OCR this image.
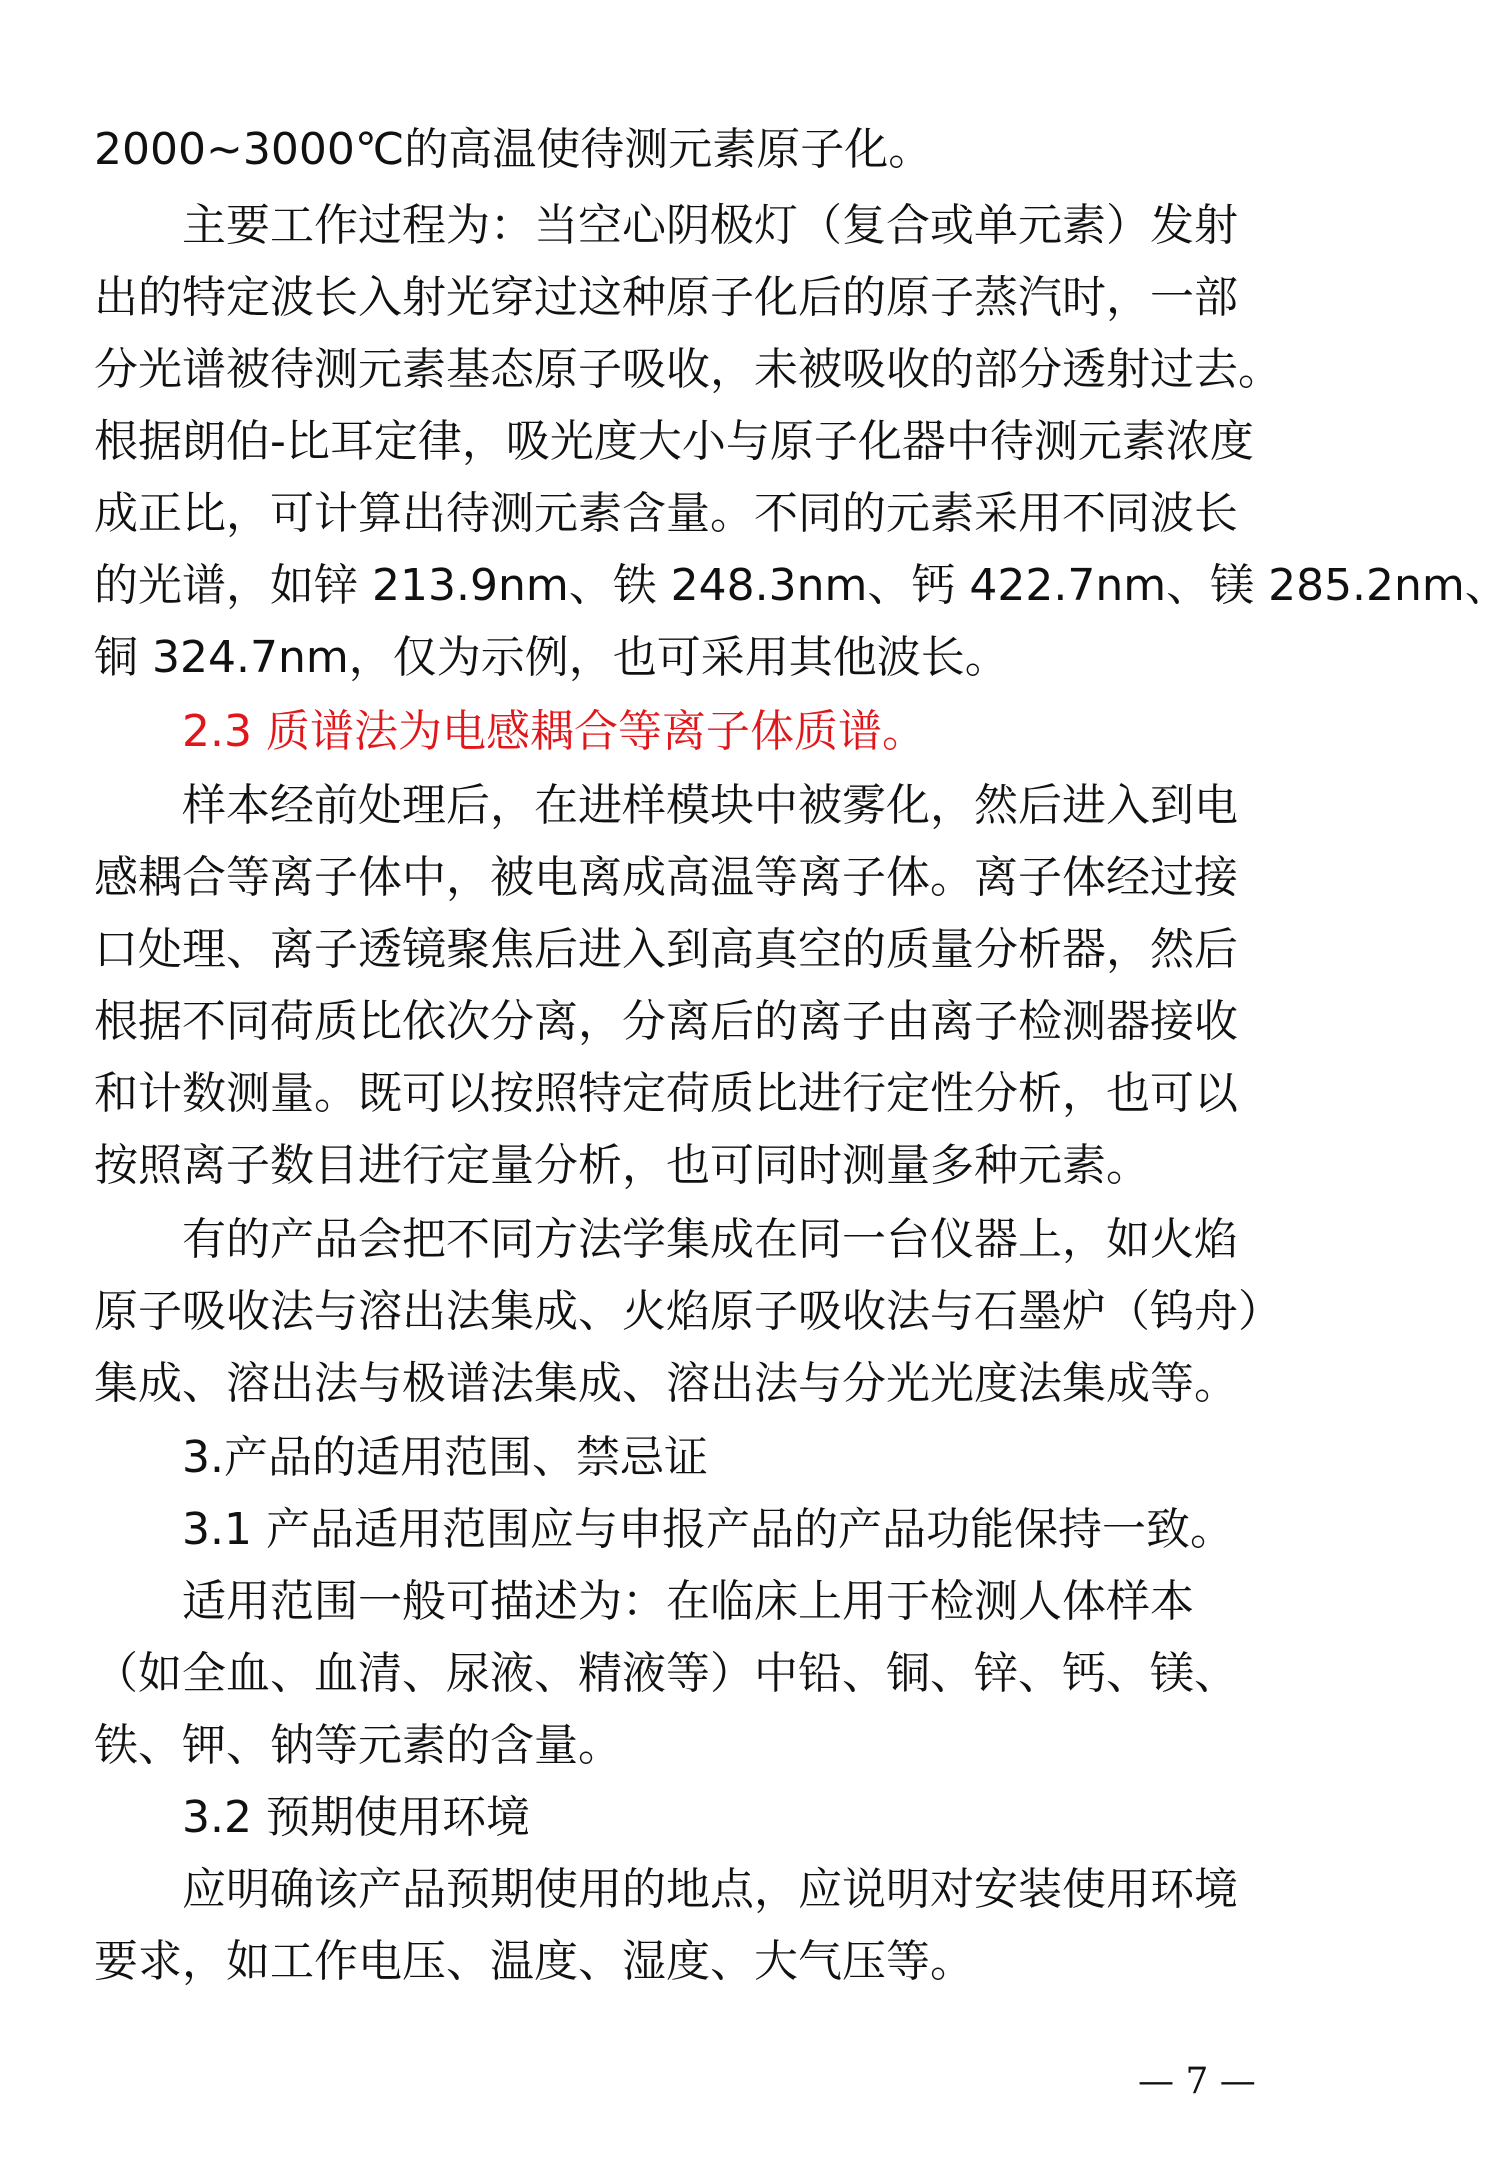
2000~3000℃的高温使待测元素原子化。
主要工作过程为：当空心阴极灯（复合或单元素）发射
出的特定波长入射光穿过这种原子化后的原子蒸汽时，一部
分光谱被待测元素基态原子吸收，未被吸收的部分透射过去。
根据朗伯-比耳定律，吸光度大小与原子化器中待测元素浓度
成正比，可计算出待测元素含量。不同的元素采用不同波长
的光谱，如锌 213.9nm、铁 248.3nm、钙 422.7nm、镁 285.2nm、
铜 324.7nm，仅为示例，也可采用其他波长。
2.3 质谱法为电感耦合等离子体质谱。
样本经前处理后，在进样模块中被雾化，然后进入到电
感耦合等离子体中，被电离成高温等离子体。离子体经过接
口处理、离子透镜聚焦后进入到高真空的质量分析器，然后
根据不同荷质比依次分离，分离后的离子由离子检测器接收
和计数测量。既可以按照特定荷质比进行定性分析，也可以
按照离子数目进行定量分析，也可同时测量多种元素。
有的产品会把不同方法学集成在同一台仪器上，如火焰
原子吸收法与溶出法集成、火焰原子吸收法与石墨炉（钨舟）
集成、溶出法与极谱法集成、溶出法与分光光度法集成等。
3.产品的适用范围、禁忌证
3.1 产品适用范围应与申报产品的产品功能保持一致。
适用范围一般可描述为：在临床上用于检测人体样本
（如全血、血清、尿液、精液等）中铅、铜、锌、钙、镁、
铁、钾、钠等元素的含量。
3.2 预期使用环境
应明确该产品预期使用的地点，应说明对安装使用环境
要求，如工作电压、温度、湿度、大气压等。
— 7 —
